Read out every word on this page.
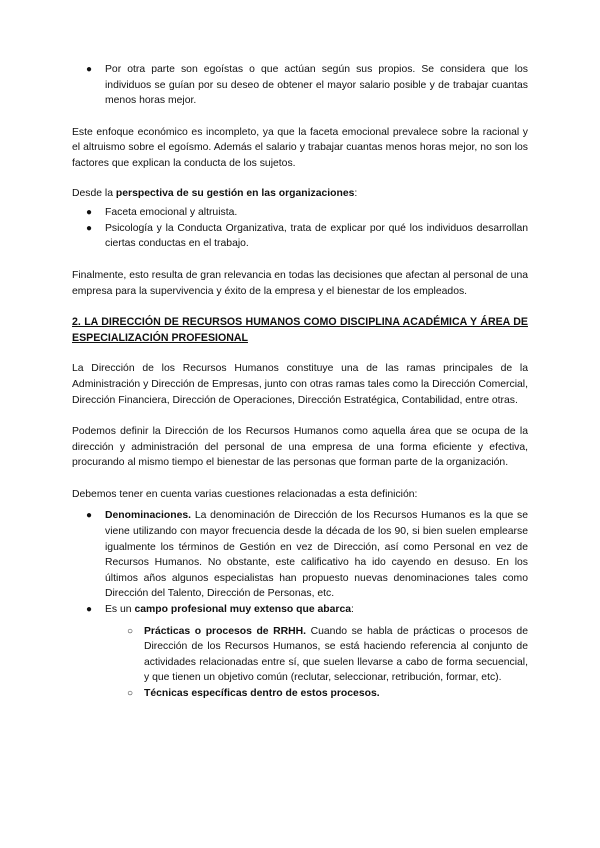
● Por otra parte son egoístas o que actúan según sus propios. Se considera que los individuos se guían por su deseo de obtener el mayor salario posible y de trabajar cuantas menos horas mejor.

Este enfoque económico es incompleto, ya que la faceta emocional prevalece sobre la racional y el altruismo sobre el egoísmo. Además el salario y trabajar cuantas menos horas mejor, no son los factores que explican la conducta de los sujetos.

Desde la perspectiva de su gestión en las organizaciones:

● Faceta emocional y altruista.
● Psicología y la Conducta Organizativa, trata de explicar por qué los individuos desarrollan ciertas conductas en el trabajo.

Finalmente, esto resulta de gran relevancia en todas las decisiones que afectan al personal de una empresa para la supervivencia y éxito de la empresa y el bienestar de los empleados.

2. LA DIRECCIÓN DE RECURSOS HUMANOS COMO DISCIPLINA ACADÉMICA Y ÁREA DE ESPECIALIZACIÓN PROFESIONAL

La Dirección de los Recursos Humanos constituye una de las ramas principales de la Administración y Dirección de Empresas, junto con otras ramas tales como la Dirección Comercial, Dirección Financiera, Dirección de Operaciones, Dirección Estratégica, Contabilidad, entre otras.

Podemos definir la Dirección de los Recursos Humanos como aquella área que se ocupa de la dirección y administración del personal de una empresa de una forma eficiente y efectiva, procurando al mismo tiempo el bienestar de las personas que forman parte de la organización.

Debemos tener en cuenta varias cuestiones relacionadas a esta definición:

● Denominaciones. La denominación de Dirección de los Recursos Humanos es la que se viene utilizando con mayor frecuencia desde la década de los 90, si bien suelen emplearse igualmente los términos de Gestión en vez de Dirección, así como Personal en vez de Recursos Humanos. No obstante, este calificativo ha ido cayendo en desuso. En los últimos años algunos especialistas han propuesto nuevas denominaciones tales como Dirección del Talento, Dirección de Personas, etc.
● Es un campo profesional muy extenso que abarca:
○ Prácticas o procesos de RRHH. Cuando se habla de prácticas o procesos de Dirección de los Recursos Humanos, se está haciendo referencia al conjunto de actividades relacionadas entre sí, que suelen llevarse a cabo de forma secuencial, y que tienen un objetivo común (reclutar, seleccionar, retribución, formar, etc).
○ Técnicas específicas dentro de estos procesos.
